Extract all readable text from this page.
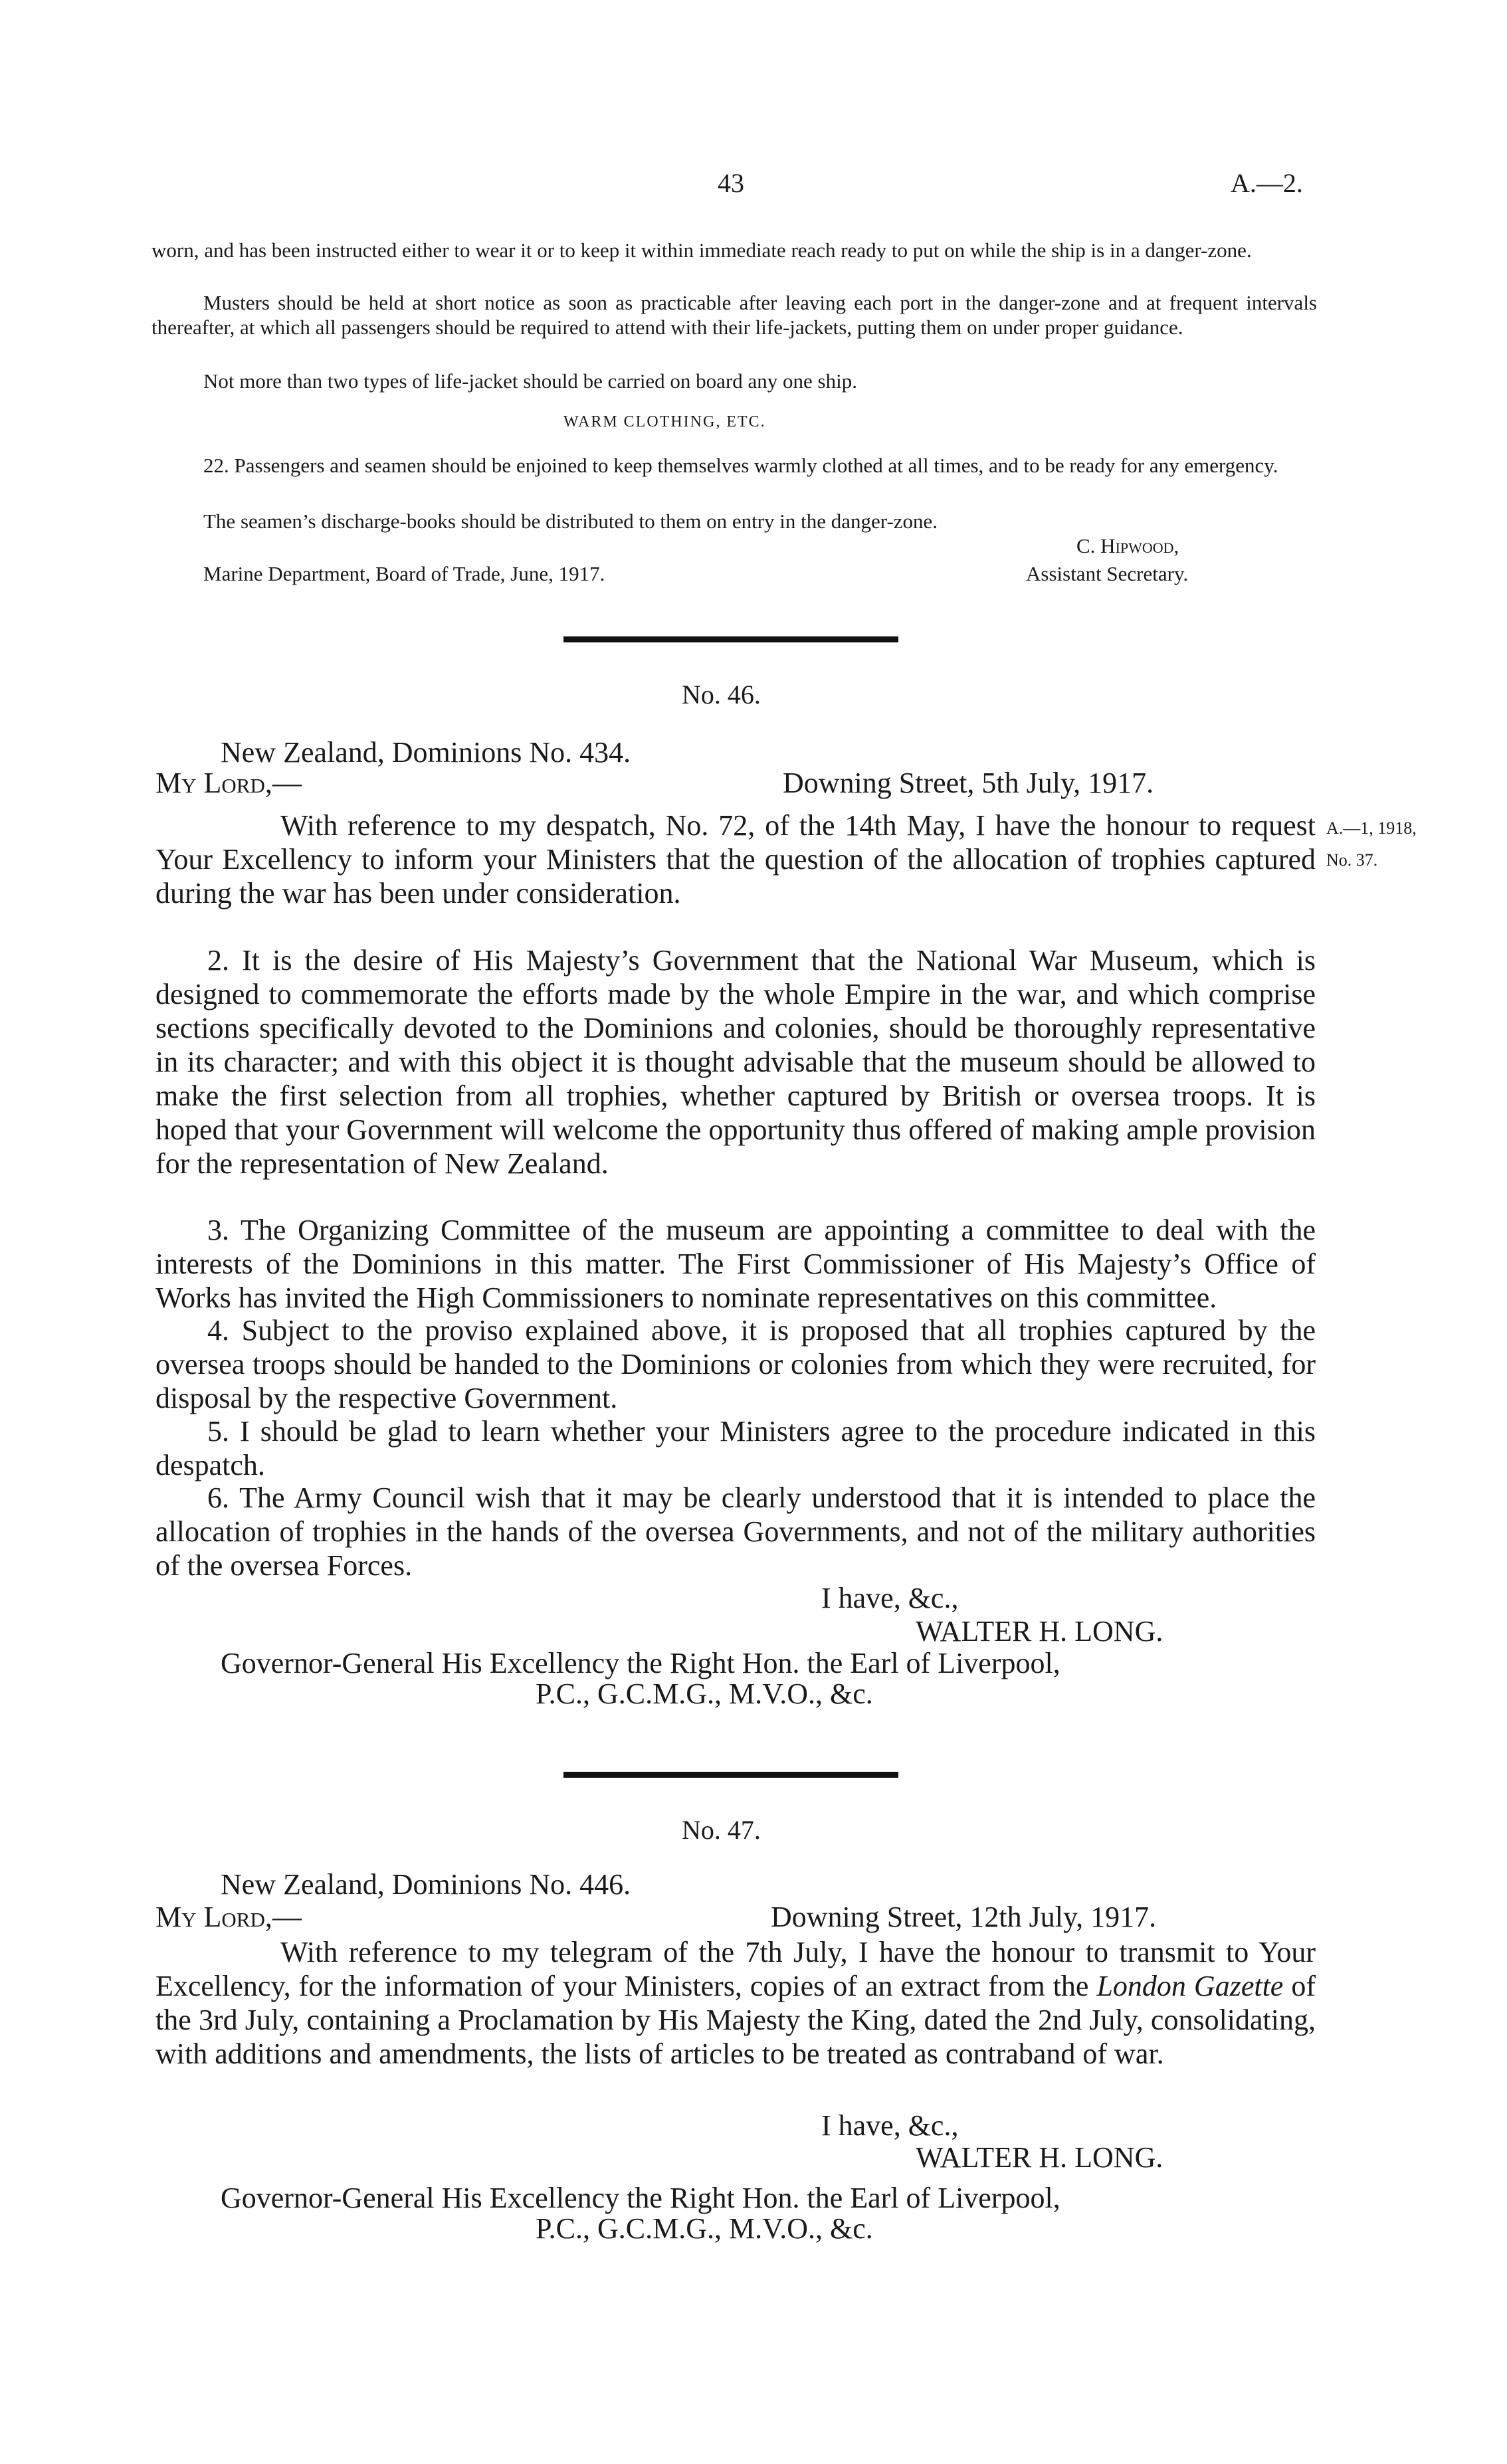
43	A.—2.
worn, and has been instructed either to wear it or to keep it within immediate reach ready to put on while the ship is in a danger-zone.
Musters should be held at short notice as soon as practicable after leaving each port in the danger-zone and at frequent intervals thereafter, at which all passengers should be required to attend with their life-jackets, putting them on under proper guidance.
Not more than two types of life-jacket should be carried on board any one ship.
WARM CLOTHING, ETC.
22. Passengers and seamen should be enjoined to keep themselves warmly clothed at all times, and to be ready for any emergency.
The seamen’s discharge-books should be distributed to them on entry in the danger-zone.
C. Hipwood,
Marine Department, Board of Trade, June, 1917.	Assistant Secretary.
No. 46.
New Zealand, Dominions No. 434.
My Lord,—	Downing Street, 5th July, 1917.
A.—1, 1918,
No. 37.
With reference to my despatch, No. 72, of the 14th May, I have the honour to request Your Excellency to inform your Ministers that the question of the allocation of trophies captured during the war has been under consideration.
2. It is the desire of His Majesty’s Government that the National War Museum, which is designed to commemorate the efforts made by the whole Empire in the war, and which comprise sections specifically devoted to the Dominions and colonies, should be thoroughly representative in its character; and with this object it is thought advisable that the museum should be allowed to make the first selection from all trophies, whether captured by British or oversea troops. It is hoped that your Government will welcome the opportunity thus offered of making ample provision for the representation of New Zealand.
3. The Organizing Committee of the museum are appointing a committee to deal with the interests of the Dominions in this matter. The First Commissioner of His Majesty’s Office of Works has invited the High Commissioners to nominate representatives on this committee.
4. Subject to the proviso explained above, it is proposed that all trophies captured by the oversea troops should be handed to the Dominions or colonies from which they were recruited, for disposal by the respective Government.
5. I should be glad to learn whether your Ministers agree to the procedure indicated in this despatch.
6. The Army Council wish that it may be clearly understood that it is intended to place the allocation of trophies in the hands of the oversea Governments, and not of the military authorities of the oversea Forces.
I have, &c.,
WALTER H. LONG.
Governor-General His Excellency the Right Hon. the Earl of Liverpool,
P.C., G.C.M.G., M.V.O., &c.
No. 47.
New Zealand, Dominions No. 446.
My Lord,—	Downing Street, 12th July, 1917.
With reference to my telegram of the 7th July, I have the honour to transmit to Your Excellency, for the information of your Ministers, copies of an extract from the London Gazette of the 3rd July, containing a Proclamation by His Majesty the King, dated the 2nd July, consolidating, with additions and amendments, the lists of articles to be treated as contraband of war.
I have, &c.,
WALTER H. LONG.
Governor-General His Excellency the Right Hon. the Earl of Liverpool,
P.C., G.C.M.G., M.V.O., &c.
